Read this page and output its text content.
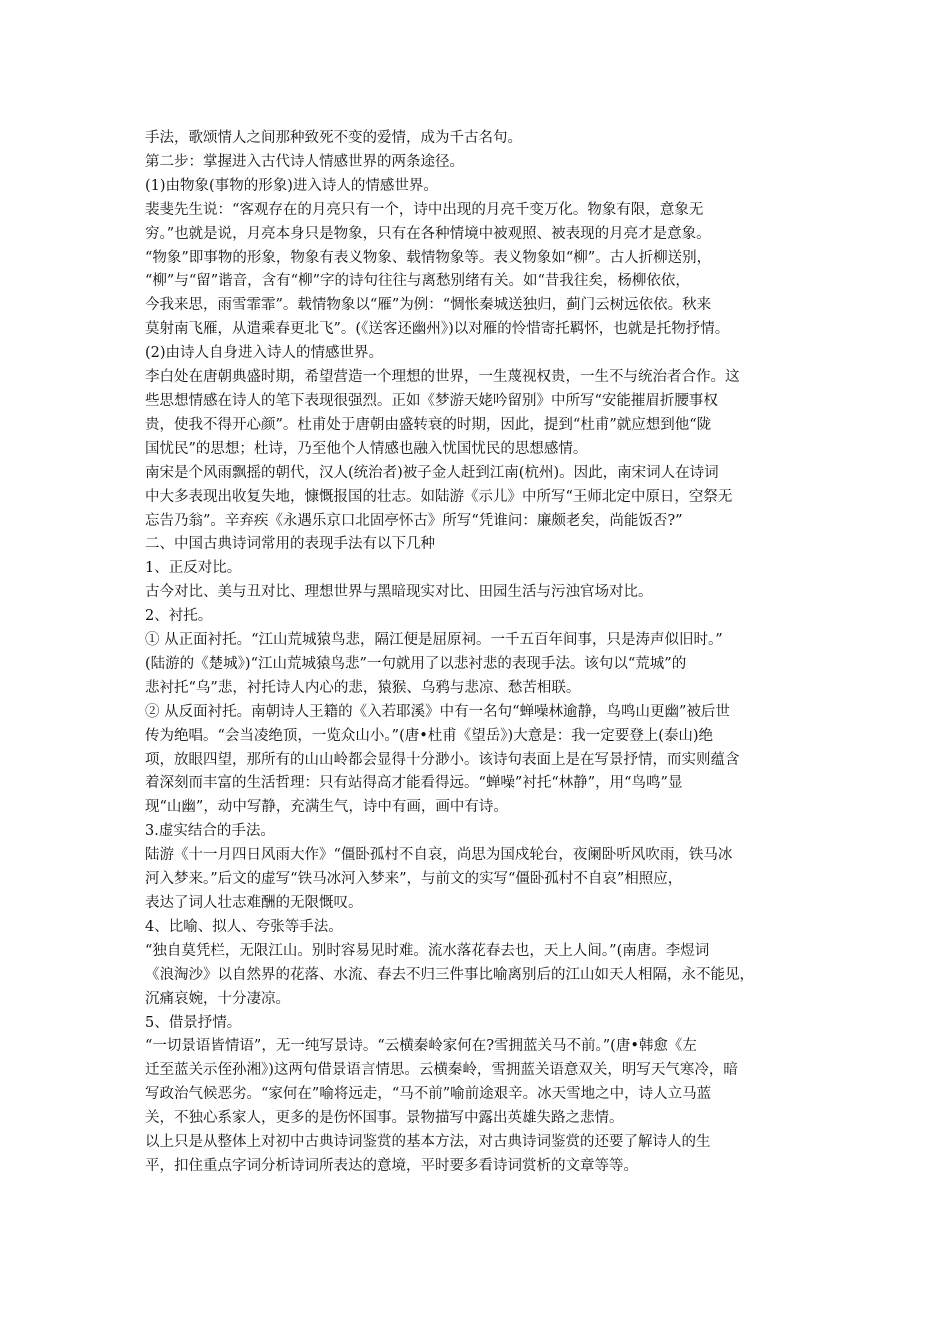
手法，歌颂情人之间那种致死不变的爱情，成为千古名句。

第二步：掌握进入古代诗人情感世界的两条途径。

(1)由物象(事物的形象)进入诗人的情感世界。

裴斐先生说：“客观存在的月亮只有一个，诗中出现的月亮千变万化。物象有限，意象无

穷。”也就是说，月亮本身只是物象，只有在各种情境中被观照、被表现的月亮才是意象。

“物象”即事物的形象，物象有表义物象、载情物象等。表义物象如“柳”。古人折柳送别，

“柳”与“留”谐音，含有“柳”字的诗句往往与离愁别绪有关。如“昔我往矣，杨柳依依，

今我来思，雨雪霏霏”。载情物象以“雁”为例：“惆怅秦城送独归，蓟门云树远依依。秋来

莫射南飞雁，从遣乘春更北飞”。(《送客还幽州》)以对雁的怜惜寄托羁怀，也就是托物抒情。

(2)由诗人自身进入诗人的情感世界。

李白处在唐朝典盛时期，希望营造一个理想的世界，一生蔑视权贵，一生不与统治者合作。这

些思想情感在诗人的笔下表现很强烈。正如《梦游天姥吟留别》中所写“安能摧眉折腰事权

贵，使我不得开心颜”。杜甫处于唐朝由盛转衰的时期，因此，提到“杜甫”就应想到他“陇

国忧民”的思想；杜诗，乃至他个人情感也融入忧国忧民的思想感情。

南宋是个风雨飘摇的朝代，汉人(统治者)被子金人赶到江南(杭州)。因此，南宋词人在诗词

中大多表现出收复失地，慷慨报国的壮志。如陆游《示儿》中所写“王师北定中原日，空祭无

忘告乃翁”。辛弃疾《永遇乐京口北固亭怀古》所写“凭谁问：廉颇老矣，尚能饭否?”

二、中国古典诗词常用的表现手法有以下几种

1、正反对比。

古今对比、美与丑对比、理想世界与黑暗现实对比、田园生活与污浊官场对比。

2、衬托。

① 从正面衬托。“江山荒城猿鸟悲，隔江便是屈原祠。一千五百年间事，只是涛声似旧时。”

(陆游的《楚城》)“江山荒城猿鸟悲”一句就用了以悲衬悲的表现手法。该句以“荒城”的

悲衬托“乌”悲，衬托诗人内心的悲，猿猴、乌鸦与悲凉、愁苦相联。

② 从反面衬托。南朝诗人王籍的《入若耶溪》中有一名句“蝉噪林逾静，鸟鸣山更幽”被后世

传为绝唱。“会当凌绝顶，一览众山小。”(唐•杜甫《望岳》)大意是：我一定要登上(泰山)绝

项，放眼四望，那所有的山山岭都会显得十分渺小。该诗句表面上是在写景抒情，而实则蕴含

着深刻而丰富的生活哲理：只有站得高才能看得远。“蝉噪”衬托“林静”，用“鸟鸣”显

现“山幽”，动中写静，充满生气，诗中有画，画中有诗。

3.虚实结合的手法。

陆游《十一月四日风雨大作》“僵卧孤村不自哀，尚思为国戍轮台，夜阑卧听风吹雨，铁马冰

河入梦来。”后文的虚写“铁马冰河入梦来”，与前文的实写“僵卧孤村不自哀”相照应，

表达了词人壮志难酬的无限慨叹。

4、比喻、拟人、夸张等手法。

“独自莫凭栏，无限江山。别时容易见时难。流水落花春去也，天上人间。”(南唐。李煜词

《浪淘沙》以自然界的花落、水流、春去不归三件事比喻离别后的江山如天人相隔，永不能见，

沉痛哀婉，十分凄凉。

5、借景抒情。

“一切景语皆情语”，无一纯写景诗。“云横秦岭家何在?雪拥蓝关马不前。”(唐•韩愈《左

迁至蓝关示侄孙湘》)这两句借景语言情思。云横秦岭，雪拥蓝关语意双关，明写天气寒冷，暗

写政治气候恶劣。“家何在”喻将远走，“马不前”喻前途艰辛。冰天雪地之中，诗人立马蓝

关，不独心系家人，更多的是伤怀国事。景物描写中露出英雄失路之悲情。

以上只是从整体上对初中古典诗词鉴赏的基本方法，对古典诗词鉴赏的还要了解诗人的生

平，扣住重点字词分析诗词所表达的意境，平时要多看诗词赏析的文章等等。
